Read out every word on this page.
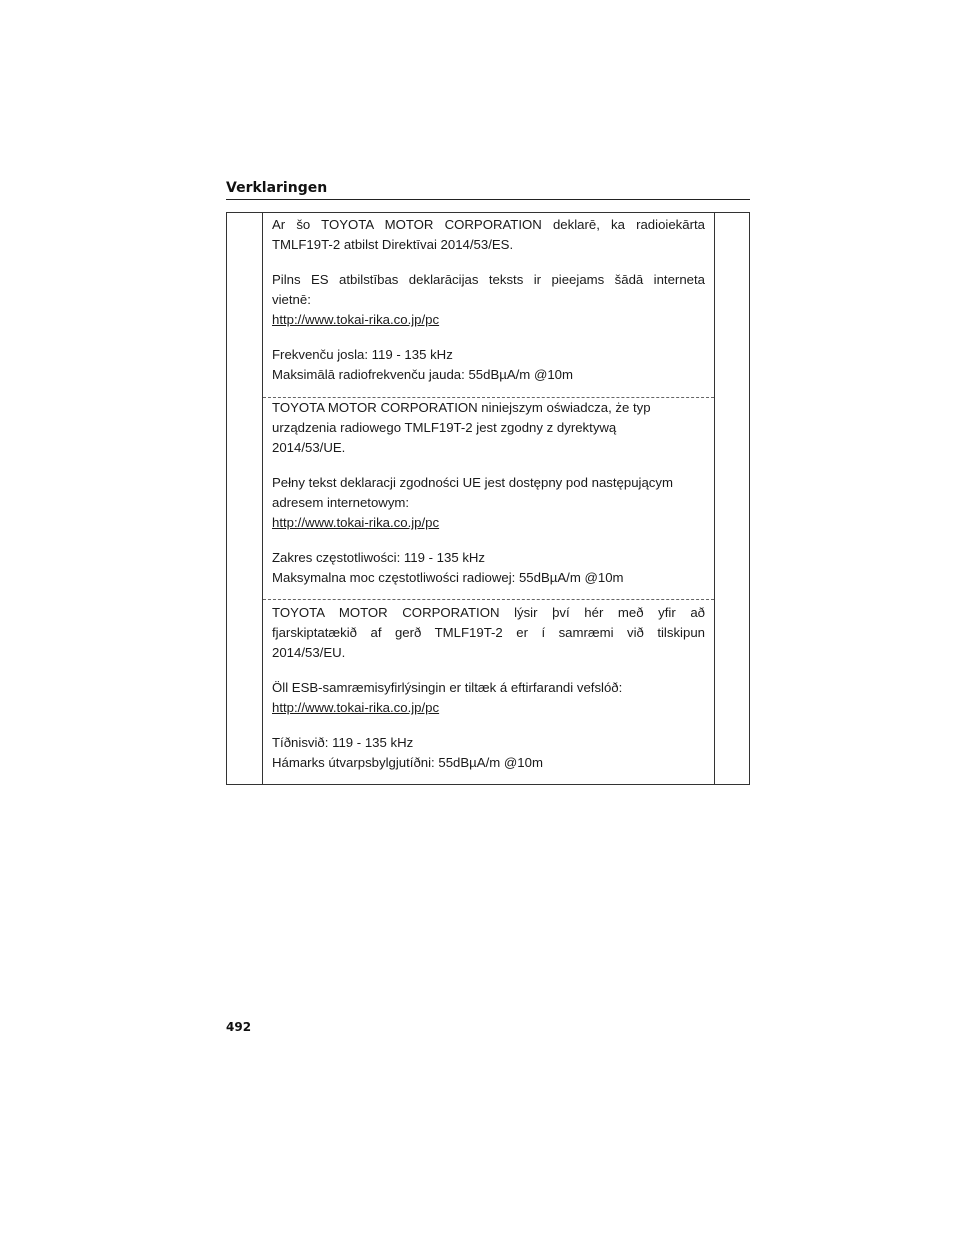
Verklaringen

Ar šo TOYOTA MOTOR CORPORATION deklarē, ka radioiekārta

TMLF19T-2 atbilst Direktīvai 2014/53/ES.

Pilns ES atbilstības deklarācijas teksts ir pieejams šādā interneta

vietnē:

http://www.tokai-rika.co.jp/pc

Frekvenču josla: 119 - 135 kHz

Maksimālā radiofrekvenču jauda: 55dBµA/m @10m

TOYOTA MOTOR CORPORATION niniejszym oświadcza, że typ

urządzenia radiowego TMLF19T-2 jest zgodny z dyrektywą

2014/53/UE.

Pełny tekst deklaracji zgodności UE jest dostępny pod następującym

adresem internetowym:

http://www.tokai-rika.co.jp/pc

Zakres częstotliwości: 119 - 135 kHz

Maksymalna moc częstotliwości radiowej: 55dBµA/m @10m

TOYOTA MOTOR CORPORATION lýsir því hér með yfir að

fjarskiptatækið af gerð TMLF19T-2 er í samræmi við tilskipun

2014/53/EU.

Öll ESB-samræmisyfirlýsingin er tiltæk á eftirfarandi vefslóð:

http://www.tokai-rika.co.jp/pc

Tíðnisvið: 119 - 135 kHz

Hámarks útvarpsbylgjutíðni: 55dBµA/m @10m

492
